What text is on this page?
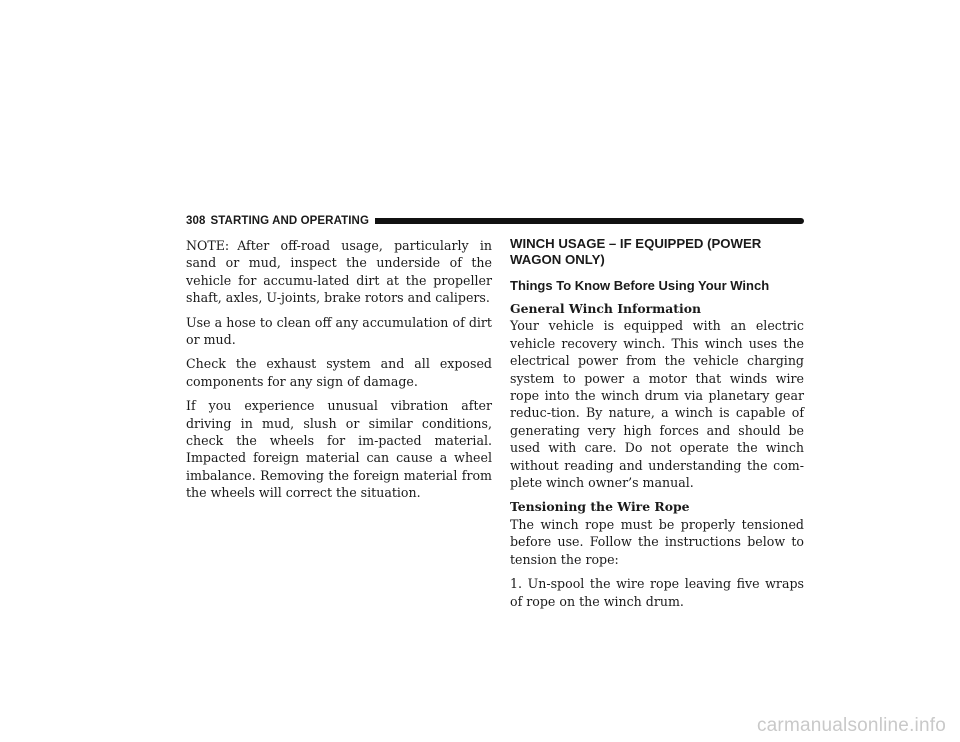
308 STARTING AND OPERATING

NOTE: After off-road usage, particularly in sand or mud, inspect the underside of the vehicle for accumu-lated dirt at the propeller shaft, axles, U-joints, brake rotors and calipers.

Use a hose to clean off any accumulation of dirt or mud.

Check the exhaust system and all exposed components for any sign of damage.

If you experience unusual vibration after driving in mud, slush or similar conditions, check the wheels for im-pacted material. Impacted foreign material can cause a wheel imbalance. Removing the foreign material from the wheels will correct the situation.

WINCH USAGE – IF EQUIPPED (POWER WAGON ONLY)
Things To Know Before Using Your Winch
General Winch Information

Your vehicle is equipped with an electric vehicle recovery winch. This winch uses the electrical power from the vehicle charging system to power a motor that winds wire rope into the winch drum via planetary gear reduc-tion. By nature, a winch is capable of generating very high forces and should be used with care. Do not operate the winch without reading and understanding the com-plete winch owner’s manual.

Tensioning the Wire Rope

The winch rope must be properly tensioned before use. Follow the instructions below to tension the rope:

1. Un-spool the wire rope leaving five wraps of rope on the winch drum.

carmanualsonline.info
